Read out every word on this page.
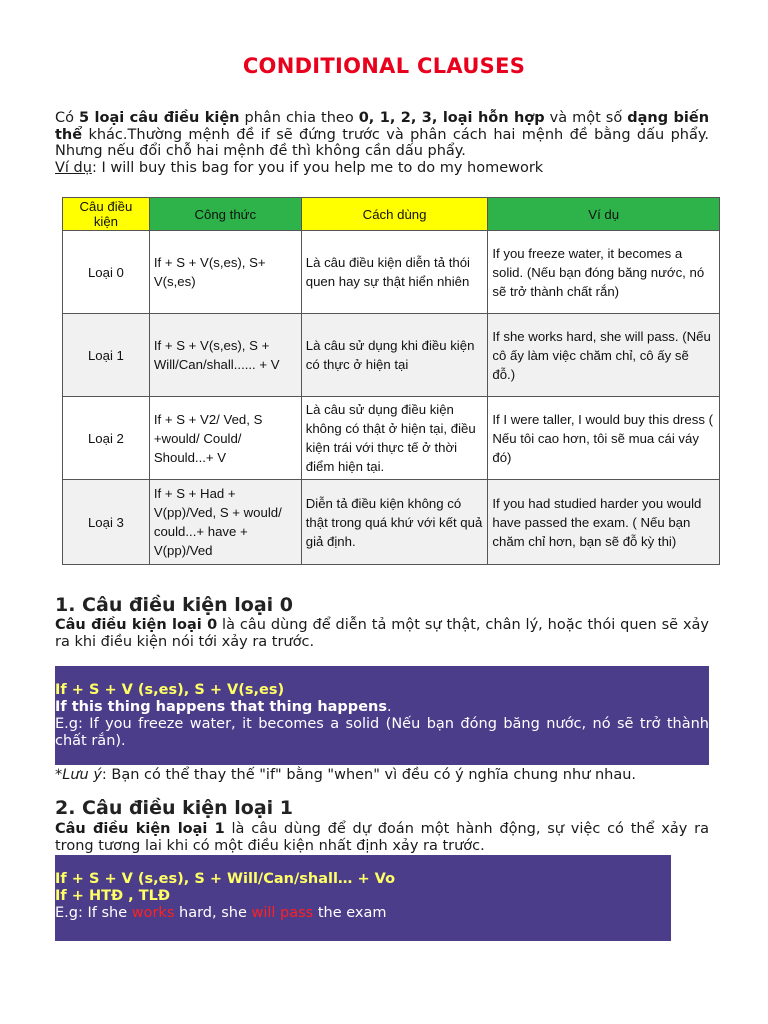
CONDITIONAL CLAUSES
Có 5 loại câu điều kiện phân chia theo 0, 1, 2, 3, loại hỗn hợp và một số dạng biến thể khác.Thường mệnh đề if sẽ đứng trước và phân cách hai mệnh đề bằng dấu phẩy. Nhưng nếu đổi chỗ hai mệnh đề thì không cần dấu phẩy.
Ví dụ: I will buy this bag for you if you help me to do my homework
Câu điều kiện	Công thức	Cách dùng	Ví dụ
Loại 0	If + S + V(s,es), S+ V(s,es)	Là câu điều kiện diễn tả thói quen hay sự thật hiển nhiên	If you freeze water, it becomes a solid. (Nếu bạn đóng băng nước, nó sẽ trở thành chất rắn)
Loại 1	If + S + V(s,es), S + Will/Can/shall...... + V	Là câu sử dụng khi điều kiện có thực ở hiện tại	If she works hard, she will pass. (Nếu cô ấy làm việc chăm chỉ, cô ấy sẽ đỗ.)
Loại 2	If + S + V2/ Ved, S +would/ Could/ Should...+ V	Là câu sử dụng điều kiện không có thật ở hiện tại, điều kiện trái với thực tế ở thời điểm hiện tại.	If I were taller, I would buy this dress ( Nếu tôi cao hơn, tôi sẽ mua cái váy đó)
Loại 3	If + S + Had + V(pp)/Ved, S + would/ could...+ have + V(pp)/Ved	Diễn tả điều kiện không có thật trong quá khứ với kết quả giả định.	If you had studied harder you would have passed the exam. ( Nếu bạn chăm chỉ hơn, bạn sẽ đỗ kỳ thi)
1. Câu điều kiện loại 0
Câu điều kiện loại 0 là câu dùng để diễn tả một sự thật, chân lý, hoặc thói quen sẽ xảy ra khi điều kiện nói tới xảy ra trước.
If + S + V (s,es), S + V(s,es)
If this thing happens that thing happens.
E.g: If you freeze water, it becomes a solid (Nếu bạn đóng băng nước, nó sẽ trở thành chất rắn).
*Lưu ý: Bạn có thể thay thế "if" bằng "when" vì đều có ý nghĩa chung như nhau.
2. Câu điều kiện loại 1
Câu điều kiện loại 1 là câu dùng để dự đoán một hành động, sự việc có thể xảy ra trong tương lai khi có một điều kiện nhất định xảy ra trước.
If + S + V (s,es), S + Will/Can/shall… + Vo
If + HTĐ , TLĐ
E.g: If she works hard, she will pass the exam
